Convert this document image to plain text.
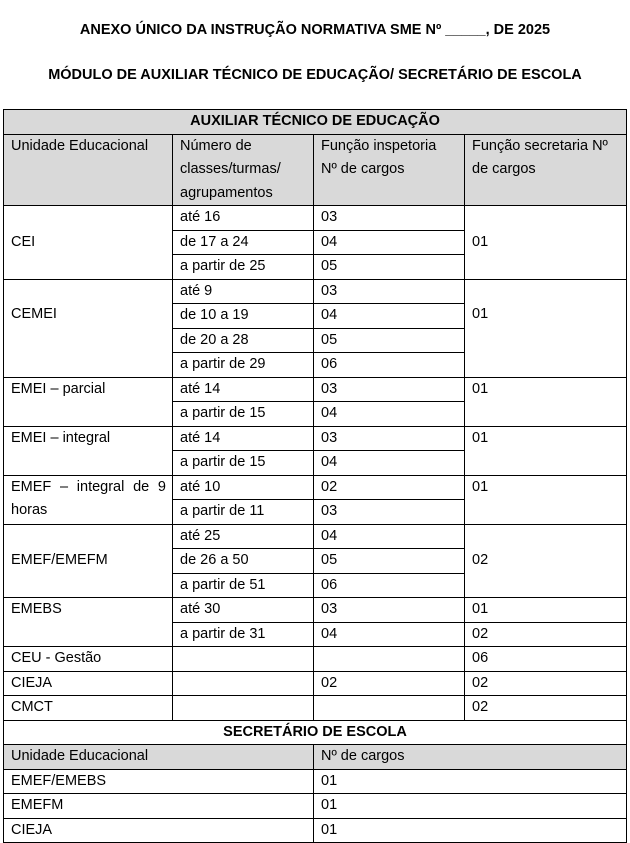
ANEXO ÚNICO DA INSTRUÇÃO NORMATIVA SME Nº _____, DE 2025
MÓDULO DE AUXILIAR TÉCNICO DE EDUCAÇÃO/ SECRETÁRIO DE ESCOLA
AUXILIAR TÉCNICO DE EDUCAÇÃO			
Unidade Educacional	Número de classes/turmas/ agrupamentos	Função inspetoria Nº de cargos	Função secretaria Nº de cargos
CEI	até 16	03	01
	de 17 a 24	04	
	a partir de 25	05	
CEMEI	até 9	03	01
	de 10 a 19	04	
	de 20 a 28	05	
	a partir de 29	06	
EMEI – parcial	até 14	03	01
	a partir de 15	04	
EMEI – integral	até 14	03	01
	a partir de 15	04	
EMEF – integral de 9 horas	até 10	02	01
	a partir de 11	03	
EMEF/EMEFM	até 25	04	02
	de 26 a 50	05	
	a partir de 51	06	
EMEBS	até 30	03	01
	a partir de 31	04	02
CEU - Gestão			06
CIEJA		02	02
CMCT			02
SECRETÁRIO DE ESCOLA			
Unidade Educacional		Nº de cargos	
EMEF/EMEBS		01	
EMEFM		01	
CIEJA		01	
